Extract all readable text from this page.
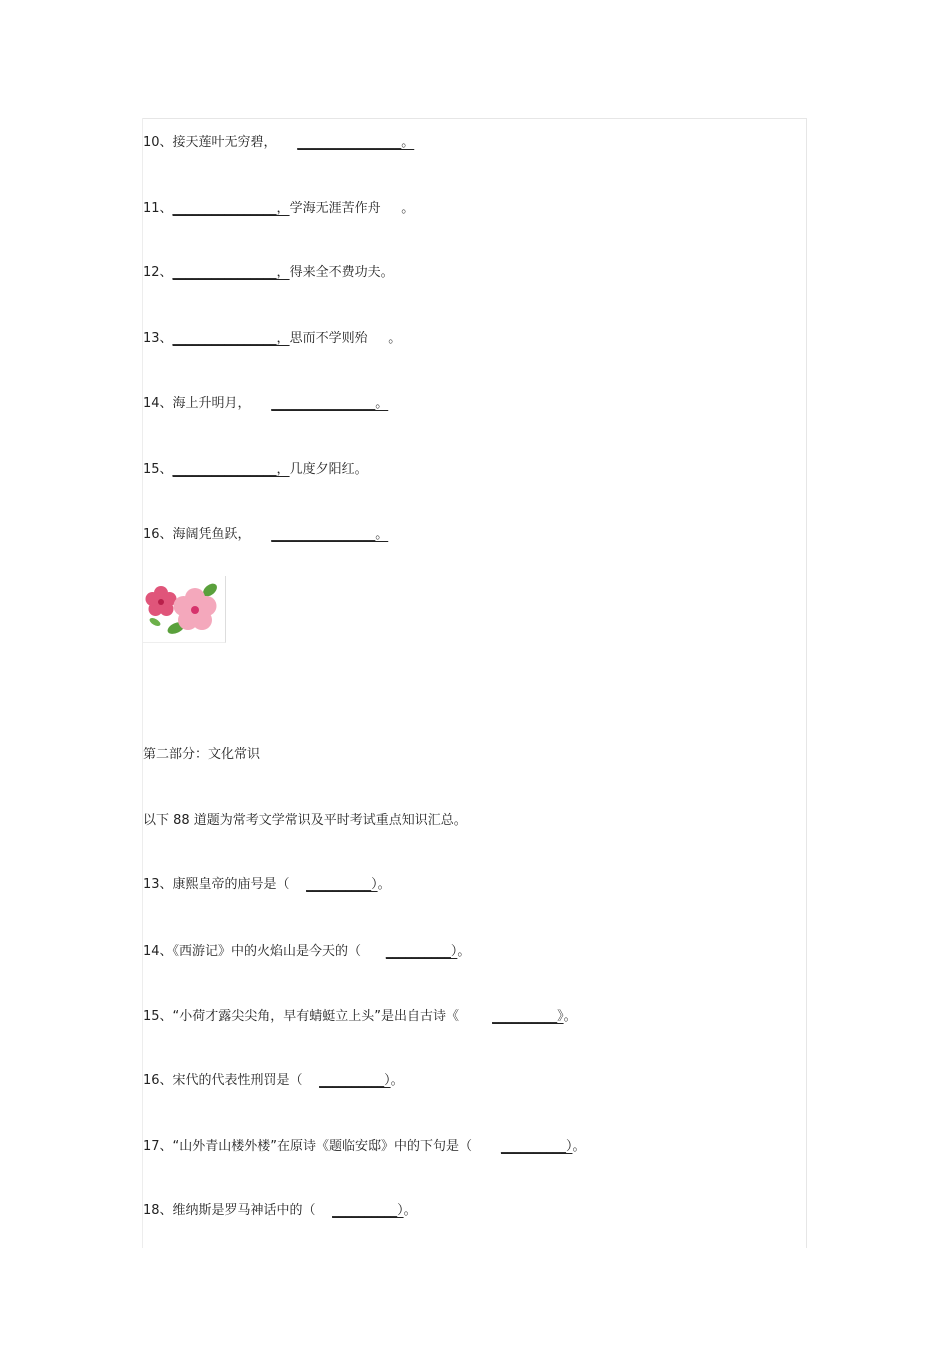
10、接天莲叶无穷碧，     ________________。
11、________________，学海无涯苦作舟     。
12、________________，得来全不费功夫。
13、________________，思而不学则殆     。
14、海上升明月，     ________________。
15、________________，几度夕阳红。
16、海阔凭鱼跃，     ________________。
第二部分：文化常识
以下 88 道题为常考文学常识及平时考试重点知识汇总。
13、康熙皇帝的庙号是（    __________）。
14、《西游记》中的火焰山是今天的（      __________）。
15、“小荷才露尖尖角，早有蜻蜓立上头”是出自古诗《        __________》。
16、宋代的代表性刑罚是（    __________）。
17、“山外青山楼外楼”在原诗《题临安邸》中的下句是（       __________）。
18、维纳斯是罗马神话中的（    __________）。
